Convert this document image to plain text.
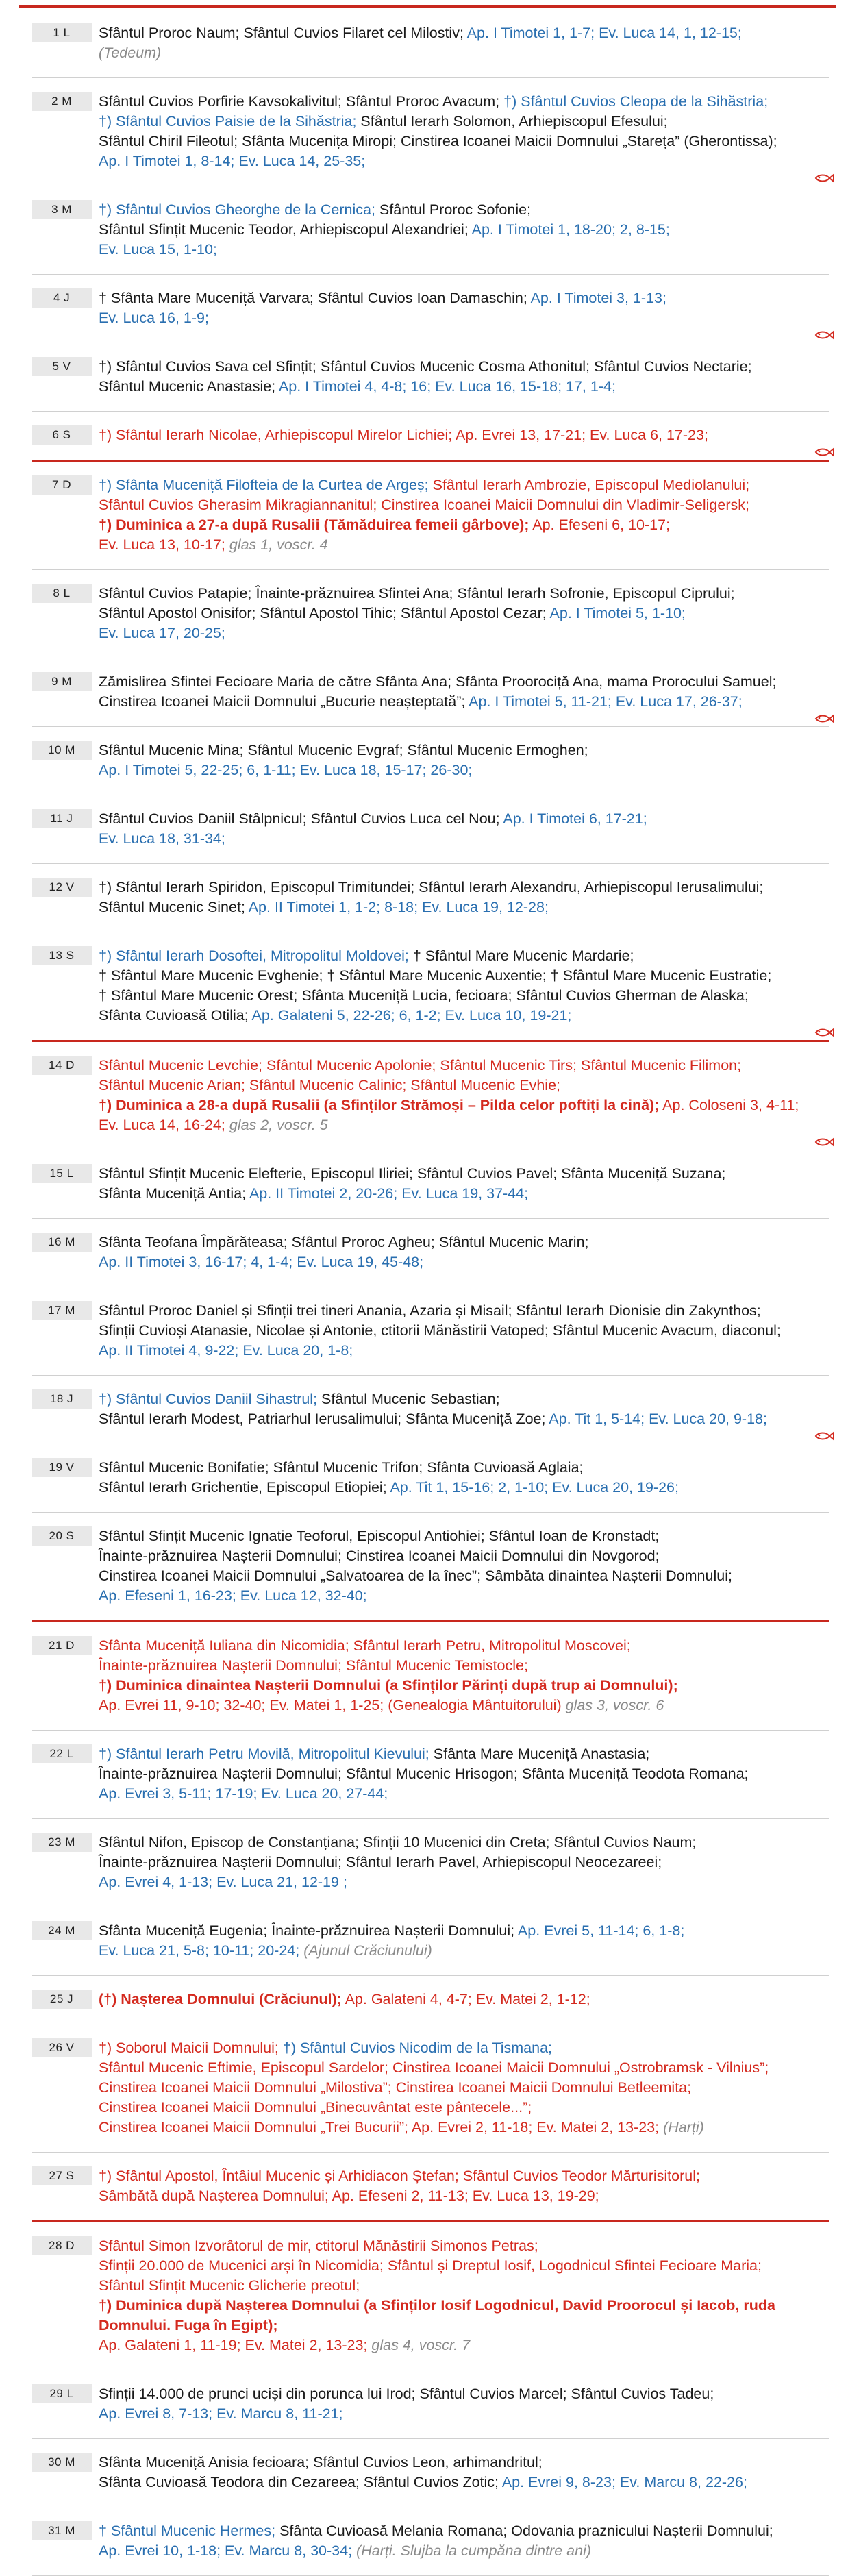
1 L	Sfântul Proroc Naum; Sfântul Cuvios Filaret cel Milostiv; Ap. I Timotei 1, 1-7; Ev. Luca 14, 1, 12-15;
(Tedeum)
2 M	Sfântul Cuvios Porfirie Kavsokalivitul; Sfântul Proroc Avacum; †) Sfântul Cuvios Cleopa de la Sihăstria;
†) Sfântul Cuvios Paisie de la Sihăstria; Sfântul Ierarh Solomon, Arhiepiscopul Efesului;
Sfântul Chiril Fileotul; Sfânta Mucenița Miropi; Cinstirea Icoanei Maicii Domnului „Stareța” (Gherontissa);
Ap. I Timotei 1, 8-14; Ev. Luca 14, 25-35;
3 M	†) Sfântul Cuvios Gheorghe de la Cernica; Sfântul Proroc Sofonie;
Sfântul Sfințit Mucenic Teodor, Arhiepiscopul Alexandriei; Ap. I Timotei 1, 18-20; 2, 8-15;
Ev. Luca 15, 1-10;
4 J	† Sfânta Mare Muceniță Varvara; Sfântul Cuvios Ioan Damaschin; Ap. I Timotei 3, 1-13;
Ev. Luca 16, 1-9;
5 V	†) Sfântul Cuvios Sava cel Sfințit; Sfântul Cuvios Mucenic Cosma Athonitul; Sfântul Cuvios Nectarie;
Sfântul Mucenic Anastasie; Ap. I Timotei 4, 4-8; 16; Ev. Luca 16, 15-18; 17, 1-4;
6 S	†) Sfântul Ierarh Nicolae, Arhiepiscopul Mirelor Lichiei; Ap. Evrei 13, 17-21; Ev. Luca 6, 17-23;
7 D	†) Sfânta Muceniță Filofteia de la Curtea de Argeș; Sfântul Ierarh Ambrozie, Episcopul Mediolanului;
Sfântul Cuvios Gherasim Mikragiannanitul; Cinstirea Icoanei Maicii Domnului din Vladimir-Seligersk;
†) Duminica a 27-a după Rusalii (Tămăduirea femeii gârbove); Ap. Efeseni 6, 10-17;
Ev. Luca 13, 10-17; glas 1, voscr. 4
8 L	Sfântul Cuvios Patapie; Înainte-prăznuirea Sfintei Ana; Sfântul Ierarh Sofronie, Episcopul Ciprului;
Sfântul Apostol Onisifor; Sfântul Apostol Tihic; Sfântul Apostol Cezar; Ap. I Timotei 5, 1-10;
Ev. Luca 17, 20-25;
9 M	Zămislirea Sfintei Fecioare Maria de către Sfânta Ana; Sfânta Proorociță Ana, mama Prorocului Samuel;
Cinstirea Icoanei Maicii Domnului „Bucurie neașteptată”; Ap. I Timotei 5, 11-21; Ev. Luca 17, 26-37;
10 M	Sfântul Mucenic Mina; Sfântul Mucenic Evgraf; Sfântul Mucenic Ermoghen;
Ap. I Timotei 5, 22-25; 6, 1-11; Ev. Luca 18, 15-17; 26-30;
11 J	Sfântul Cuvios Daniil Stâlpnicul; Sfântul Cuvios Luca cel Nou; Ap. I Timotei 6, 17-21;
Ev. Luca 18, 31-34;
12 V	†) Sfântul Ierarh Spiridon, Episcopul Trimitundei; Sfântul Ierarh Alexandru, Arhiepiscopul Ierusalimului;
Sfântul Mucenic Sinet; Ap. II Timotei 1, 1-2; 8-18; Ev. Luca 19, 12-28;
13 S	†) Sfântul Ierarh Dosoftei, Mitropolitul Moldovei; † Sfântul Mare Mucenic Mardarie;
† Sfântul Mare Mucenic Evghenie; † Sfântul Mare Mucenic Auxentie; † Sfântul Mare Mucenic Eustratie;
† Sfântul Mare Mucenic Orest; Sfânta Muceniță Lucia, fecioara; Sfântul Cuvios Gherman de Alaska;
Sfânta Cuvioasă Otilia; Ap. Galateni 5, 22-26; 6, 1-2; Ev. Luca 10, 19-21;
14 D	Sfântul Mucenic Levchie; Sfântul Mucenic Apolonie; Sfântul Mucenic Tirs; Sfântul Mucenic Filimon;
Sfântul Mucenic Arian; Sfântul Mucenic Calinic; Sfântul Mucenic Evhie;
†) Duminica a 28-a după Rusalii (a Sfinților Strămoși – Pilda celor poftiți la cină); Ap. Coloseni 3, 4-11;
Ev. Luca 14, 16-24; glas 2, voscr. 5
15 L	Sfântul Sfințit Mucenic Elefterie, Episcopul Iliriei; Sfântul Cuvios Pavel; Sfânta Muceniță Suzana;
Sfânta Muceniță Antia; Ap. II Timotei 2, 20-26; Ev. Luca 19, 37-44;
16 M	Sfânta Teofana Împărăteasa; Sfântul Proroc Agheu; Sfântul Mucenic Marin;
Ap. II Timotei 3, 16-17; 4, 1-4; Ev. Luca 19, 45-48;
17 M	Sfântul Proroc Daniel și Sfinții trei tineri Anania, Azaria și Misail; Sfântul Ierarh Dionisie din Zakynthos;
Sfinții Cuvioși Atanasie, Nicolae și Antonie, ctitorii Mănăstirii Vatoped; Sfântul Mucenic Avacum, diaconul;
Ap. II Timotei 4, 9-22; Ev. Luca 20, 1-8;
18 J	†) Sfântul Cuvios Daniil Sihastrul; Sfântul Mucenic Sebastian;
Sfântul Ierarh Modest, Patriarhul Ierusalimului; Sfânta Muceniță Zoe; Ap. Tit 1, 5-14; Ev. Luca 20, 9-18;
19 V	Sfântul Mucenic Bonifatie; Sfântul Mucenic Trifon; Sfânta Cuvioasă Aglaia;
Sfântul Ierarh Grichentie, Episcopul Etiopiei; Ap. Tit 1, 15-16; 2, 1-10; Ev. Luca 20, 19-26;
20 S	Sfântul Sfințit Mucenic Ignatie Teoforul, Episcopul Antiohiei; Sfântul Ioan de Kronstadt;
Înainte-prăznuirea Nașterii Domnului; Cinstirea Icoanei Maicii Domnului din Novgorod;
Cinstirea Icoanei Maicii Domnului „Salvatoarea de la înec”; Sâmbăta dinaintea Nașterii Domnului;
Ap. Efeseni 1, 16-23; Ev. Luca 12, 32-40;
21 D	Sfânta Muceniță Iuliana din Nicomidia; Sfântul Ierarh Petru, Mitropolitul Moscovei;
Înainte-prăznuirea Nașterii Domnului; Sfântul Mucenic Temistocle;
†) Duminica dinaintea Nașterii Domnului (a Sfinților Părinți după trup ai Domnului);
Ap. Evrei 11, 9-10; 32-40; Ev. Matei 1, 1-25; (Genealogia Mântuitorului) glas 3, voscr. 6
22 L	†) Sfântul Ierarh Petru Movilă, Mitropolitul Kievului; Sfânta Mare Muceniță Anastasia;
Înainte-prăznuirea Nașterii Domnului; Sfântul Mucenic Hrisogon; Sfânta Muceniță Teodota Romana;
Ap. Evrei 3, 5-11; 17-19; Ev. Luca 20, 27-44;
23 M	Sfântul Nifon, Episcop de Constanțiana; Sfinții 10 Mucenici din Creta; Sfântul Cuvios Naum;
Înainte-prăznuirea Nașterii Domnului; Sfântul Ierarh Pavel, Arhiepiscopul Neocezareei;
Ap. Evrei 4, 1-13; Ev. Luca 21, 12-19 ;
24 M	Sfânta Muceniță Eugenia; Înainte-prăznuirea Nașterii Domnului; Ap. Evrei 5, 11-14; 6, 1-8;
Ev. Luca 21, 5-8; 10-11; 20-24; (Ajunul Crăciunului)
25 J	(†) Nașterea Domnului (Crăciunul); Ap. Galateni 4, 4-7; Ev. Matei 2, 1-12;
26 V	†) Soborul Maicii Domnului; †) Sfântul Cuvios Nicodim de la Tismana;
Sfântul Mucenic Eftimie, Episcopul Sardelor; Cinstirea Icoanei Maicii Domnului „Ostrobramsk - Vilnius”;
Cinstirea Icoanei Maicii Domnului „Milostiva”; Cinstirea Icoanei Maicii Domnului Betleemita;
Cinstirea Icoanei Maicii Domnului „Binecuvântat este pântecele...”;
Cinstirea Icoanei Maicii Domnului „Trei Bucurii”; Ap. Evrei 2, 11-18; Ev. Matei 2, 13-23; (Harți)
27 S	†) Sfântul Apostol, Întâiul Mucenic și Arhidiacon Ștefan; Sfântul Cuvios Teodor Mărturisitorul;
Sâmbătă după Nașterea Domnului; Ap. Efeseni 2, 11-13; Ev. Luca 13, 19-29;
28 D	Sfântul Simon Izvorâtorul de mir, ctitorul Mănăstirii Simonos Petras;
Sfinții 20.000 de Mucenici arși în Nicomidia; Sfântul și Dreptul Iosif, Logodnicul Sfintei Fecioare Maria;
Sfântul Sfințit Mucenic Glicherie preotul;
†) Duminica după Nașterea Domnului (a Sfinților Iosif Logodnicul, David Proorocul și Iacob, ruda
Domnului. Fuga în Egipt);
Ap. Galateni 1, 11-19; Ev. Matei 2, 13-23; glas 4, voscr. 7
29 L	Sfinții 14.000 de prunci uciși din porunca lui Irod; Sfântul Cuvios Marcel; Sfântul Cuvios Tadeu;
Ap. Evrei 8, 7-13; Ev. Marcu 8, 11-21;
30 M	Sfânta Muceniță Anisia fecioara; Sfântul Cuvios Leon, arhimandritul;
Sfânta Cuvioasă Teodora din Cezareea; Sfântul Cuvios Zotic; Ap. Evrei 9, 8-23; Ev. Marcu 8, 22-26;
31 M	† Sfântul Mucenic Hermes; Sfânta Cuvioasă Melania Romana; Odovania praznicului Nașterii Domnului;
Ap. Evrei 10, 1-18; Ev. Marcu 8, 30-34; (Harți. Slujba la cumpăna dintre ani)
